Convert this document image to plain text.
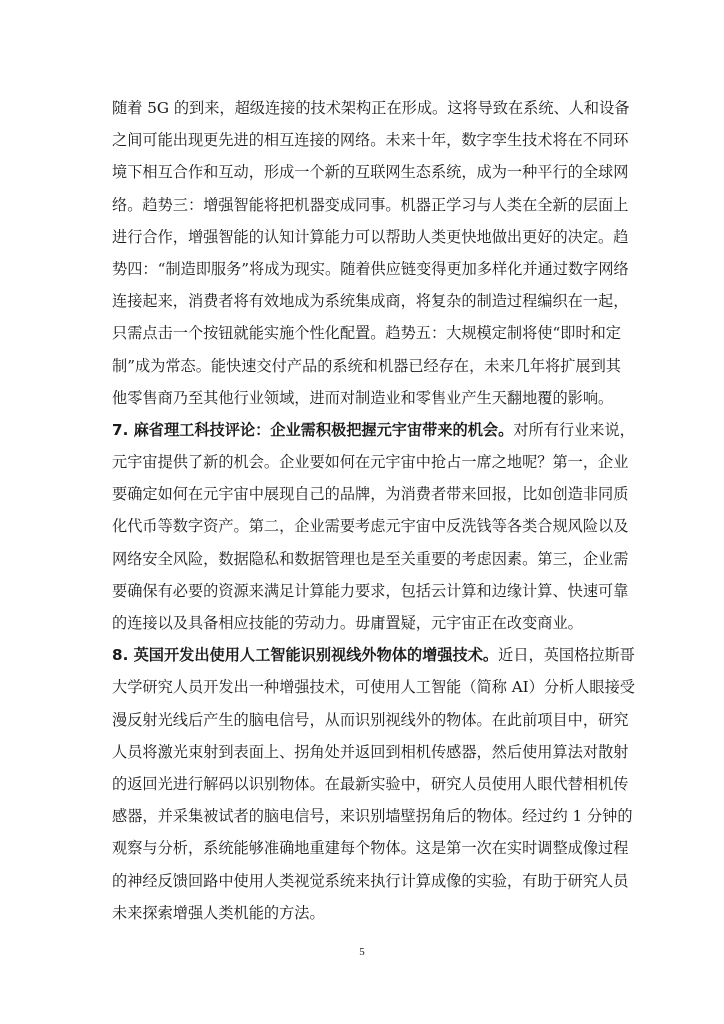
随着 5G 的到来，超级连接的技术架构正在形成。这将导致在系统、人和设备
之间可能出现更先进的相互连接的网络。未来十年，数字孪生技术将在不同环
境下相互合作和互动，形成一个新的互联网生态系统，成为一种平行的全球网
络。趋势三：增强智能将把机器变成同事。机器正学习与人类在全新的层面上
进行合作，增强智能的认知计算能力可以帮助人类更快地做出更好的决定。趋
势四：“制造即服务”将成为现实。随着供应链变得更加多样化并通过数字网络
连接起来，消费者将有效地成为系统集成商，将复杂的制造过程编织在一起，
只需点击一个按钮就能实施个性化配置。趋势五：大规模定制将使“即时和定
制”成为常态。能快速交付产品的系统和机器已经存在，未来几年将扩展到其
他零售商乃至其他行业领域，进而对制造业和零售业产生天翻地覆的影响。
7. 麻省理工科技评论：企业需积极把握元宇宙带来的机会。对所有行业来说，
元宇宙提供了新的机会。企业要如何在元宇宙中抢占一席之地呢？第一，企业
要确定如何在元宇宙中展现自己的品牌，为消费者带来回报，比如创造非同质
化代币等数字资产。第二，企业需要考虑元宇宙中反洗钱等各类合规风险以及
网络安全风险，数据隐私和数据管理也是至关重要的考虑因素。第三，企业需
要确保有必要的资源来满足计算能力要求，包括云计算和边缘计算、快速可靠
的连接以及具备相应技能的劳动力。毋庸置疑，元宇宙正在改变商业。
8. 英国开发出使用人工智能识别视线外物体的增强技术。近日，英国格拉斯哥
大学研究人员开发出一种增强技术，可使用人工智能（简称 AI）分析人眼接受
漫反射光线后产生的脑电信号，从而识别视线外的物体。在此前项目中，研究
人员将激光束射到表面上、拐角处并返回到相机传感器，然后使用算法对散射
的返回光进行解码以识别物体。在最新实验中，研究人员使用人眼代替相机传
感器，并采集被试者的脑电信号，来识别墙壁拐角后的物体。经过约 1 分钟的
观察与分析，系统能够准确地重建每个物体。这是第一次在实时调整成像过程
的神经反馈回路中使用人类视觉系统来执行计算成像的实验，有助于研究人员
未来探索增强人类机能的方法。
5
